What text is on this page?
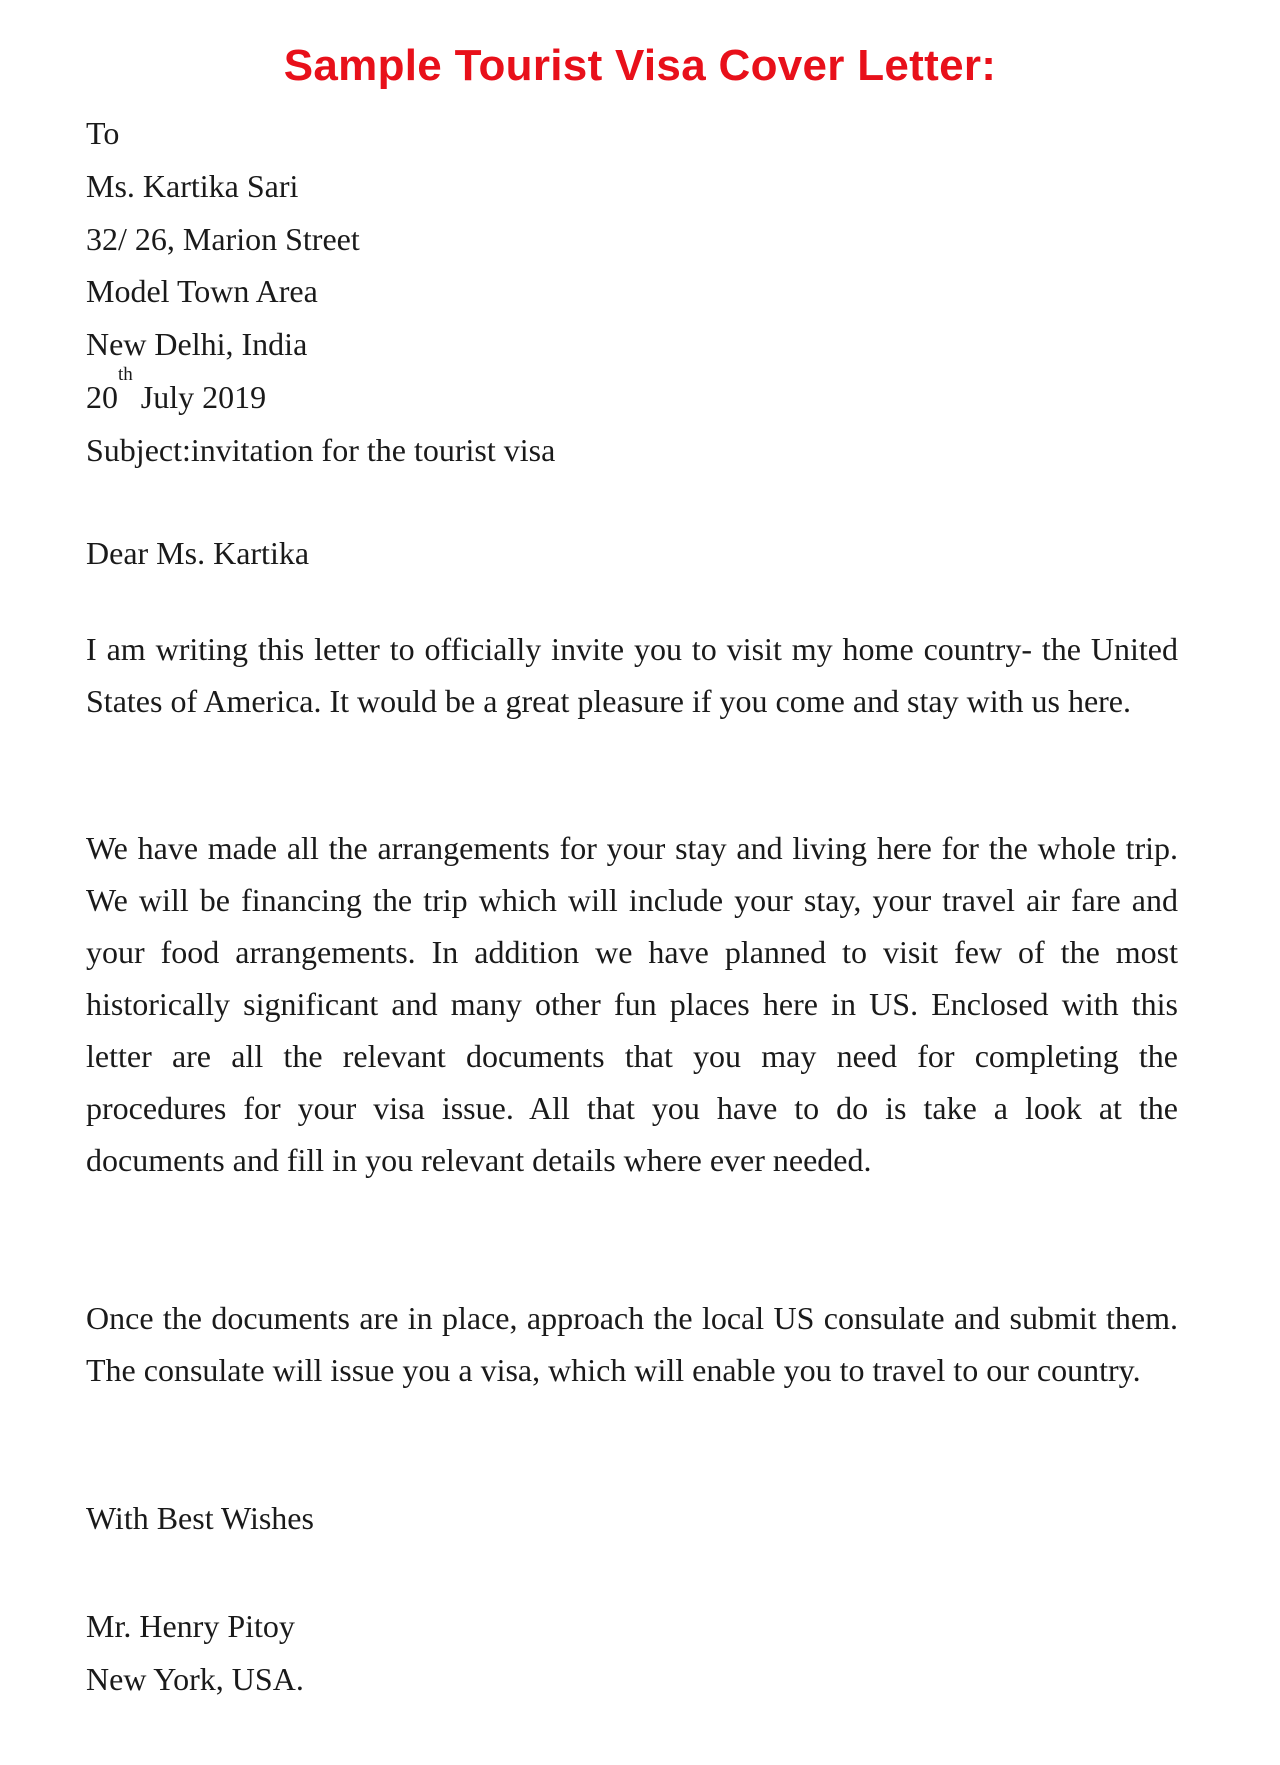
Sample Tourist Visa Cover Letter:
To
Ms. Kartika Sari
32/ 26, Marion Street
Model Town Area
New Delhi, India
20th July 2019
Subject:invitation for the tourist visa
Dear Ms. Kartika

I am writing this letter to officially invite you to visit my home country- the United States of America. It would be a great pleasure if you come and stay with us here.

We have made all the arrangements for your stay and living here for the whole trip. We will be financing the trip which will include your stay, your travel air fare and your food arrangements. In addition we have planned to visit few of the most historically significant and many other fun places here in US. Enclosed with this letter are all the relevant documents that you may need for completing the procedures for your visa issue. All that you have to do is take a look at the documents and fill in you relevant details where ever needed.

Once the documents are in place, approach the local US consulate and submit them. The consulate will issue you a visa, which will enable you to travel to our country.

With Best Wishes
Mr. Henry Pitoy
New York, USA.
